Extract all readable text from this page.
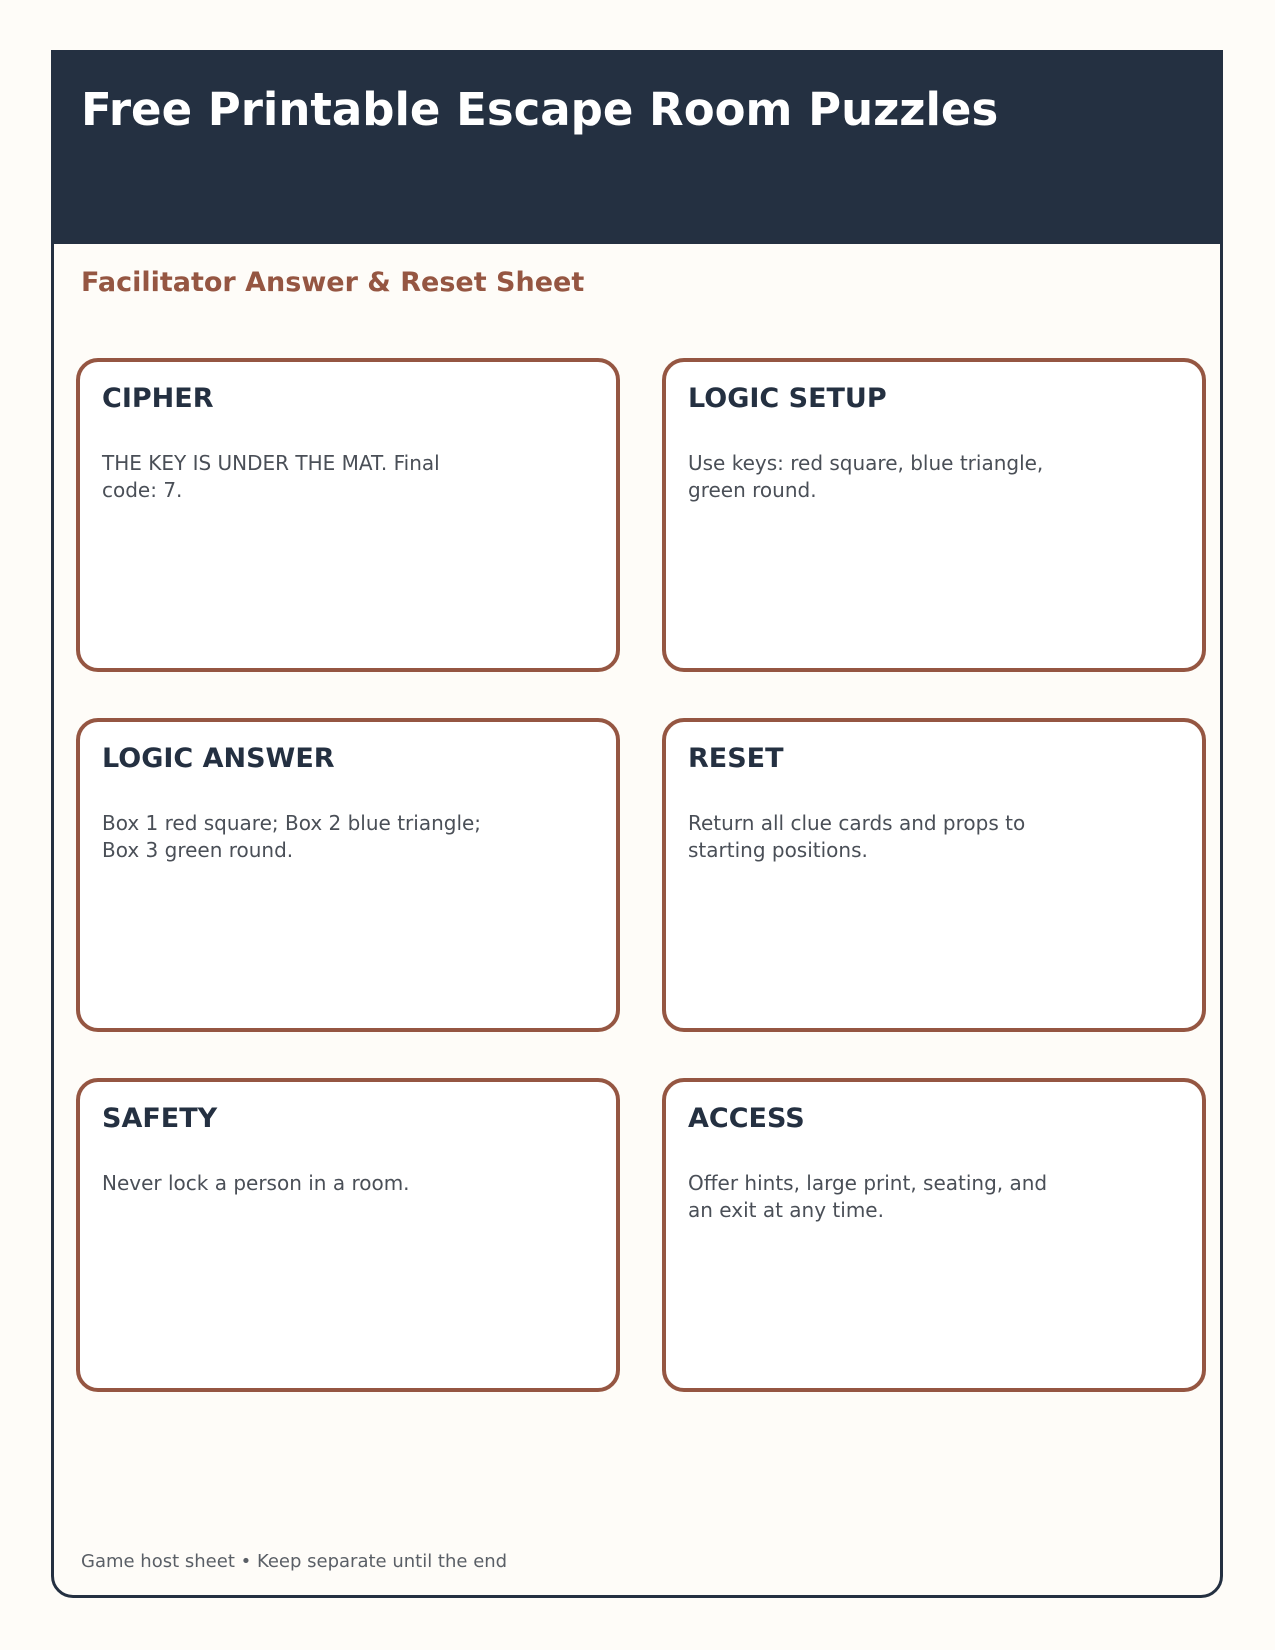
Free Printable Escape Room Puzzles
Facilitator Answer & Reset Sheet
CIPHER

THE KEY IS UNDER THE MAT. Final code: 7.

LOGIC SETUP

Use keys: red square, blue triangle, green round.

LOGIC ANSWER

Box 1 red square; Box 2 blue triangle; Box 3 green round.

RESET

Return all clue cards and props to starting positions.

SAFETY

Never lock a person in a room.

ACCESS

Offer hints, large print, seating, and an exit at any time.

Game host sheet • Keep separate until the end
